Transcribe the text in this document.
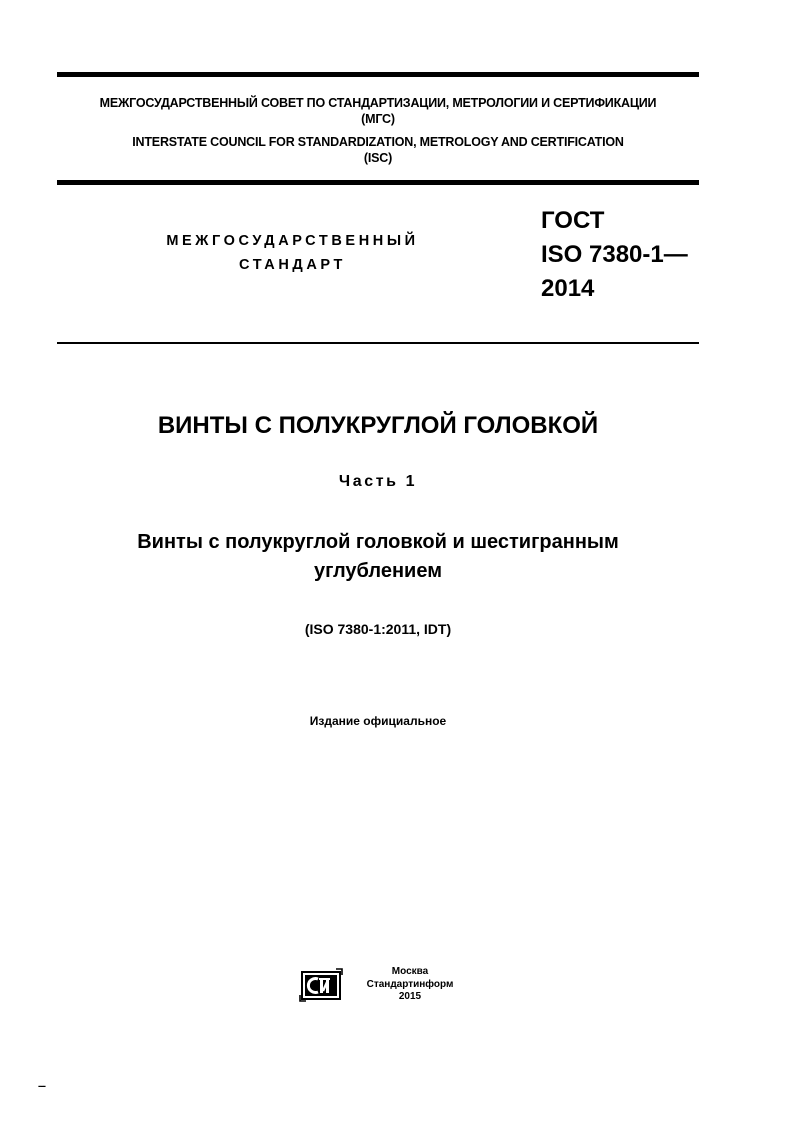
МЕЖГОСУДАРСТВЕННЫЙ СОВЕТ ПО СТАНДАРТИЗАЦИИ, МЕТРОЛОГИИ И СЕРТИФИКАЦИИ
(МГС)
INTERSTATE COUNCIL FOR STANDARDIZATION, METROLOGY AND CERTIFICATION
(ISC)
МЕЖГОСУДАРСТВЕННЫЙ
СТАНДАРТ
ГОСТ
ISO 7380-1—
2014
ВИНТЫ С ПОЛУКРУГЛОЙ ГОЛОВКОЙ
Часть 1
Винты с полукруглой головкой и шестигранным
углублением
(ISO 7380-1:2011, IDT)
Издание официальное
Москва
Стандартинформ
2015
---
